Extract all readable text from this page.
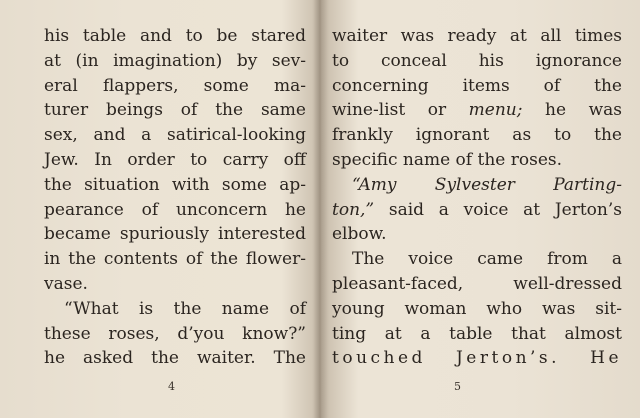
his table and to be stared
at (in imagination) by sev-
eral flappers, some ma-
turer beings of the same
sex, and a satirical-looking
Jew. In order to carry off
the situation with some ap-
pearance of unconcern he
became spuriously interested
in the contents of the flower-
vase.
“What is the name of
these roses, d’you know?”
he asked the waiter. The
4
waiter was ready at all times
to conceal his ignorance
concerning items of the
wine-list or menu; he was
frankly ignorant as to the
specific name of the roses.
“Amy Sylvester Parting-
ton,” said a voice at Jerton’s
elbow.
The voice came from a
pleasant-faced, well-dressed
young woman who was sit-
ting at a table that almost
touched Jerton’s. He
5
